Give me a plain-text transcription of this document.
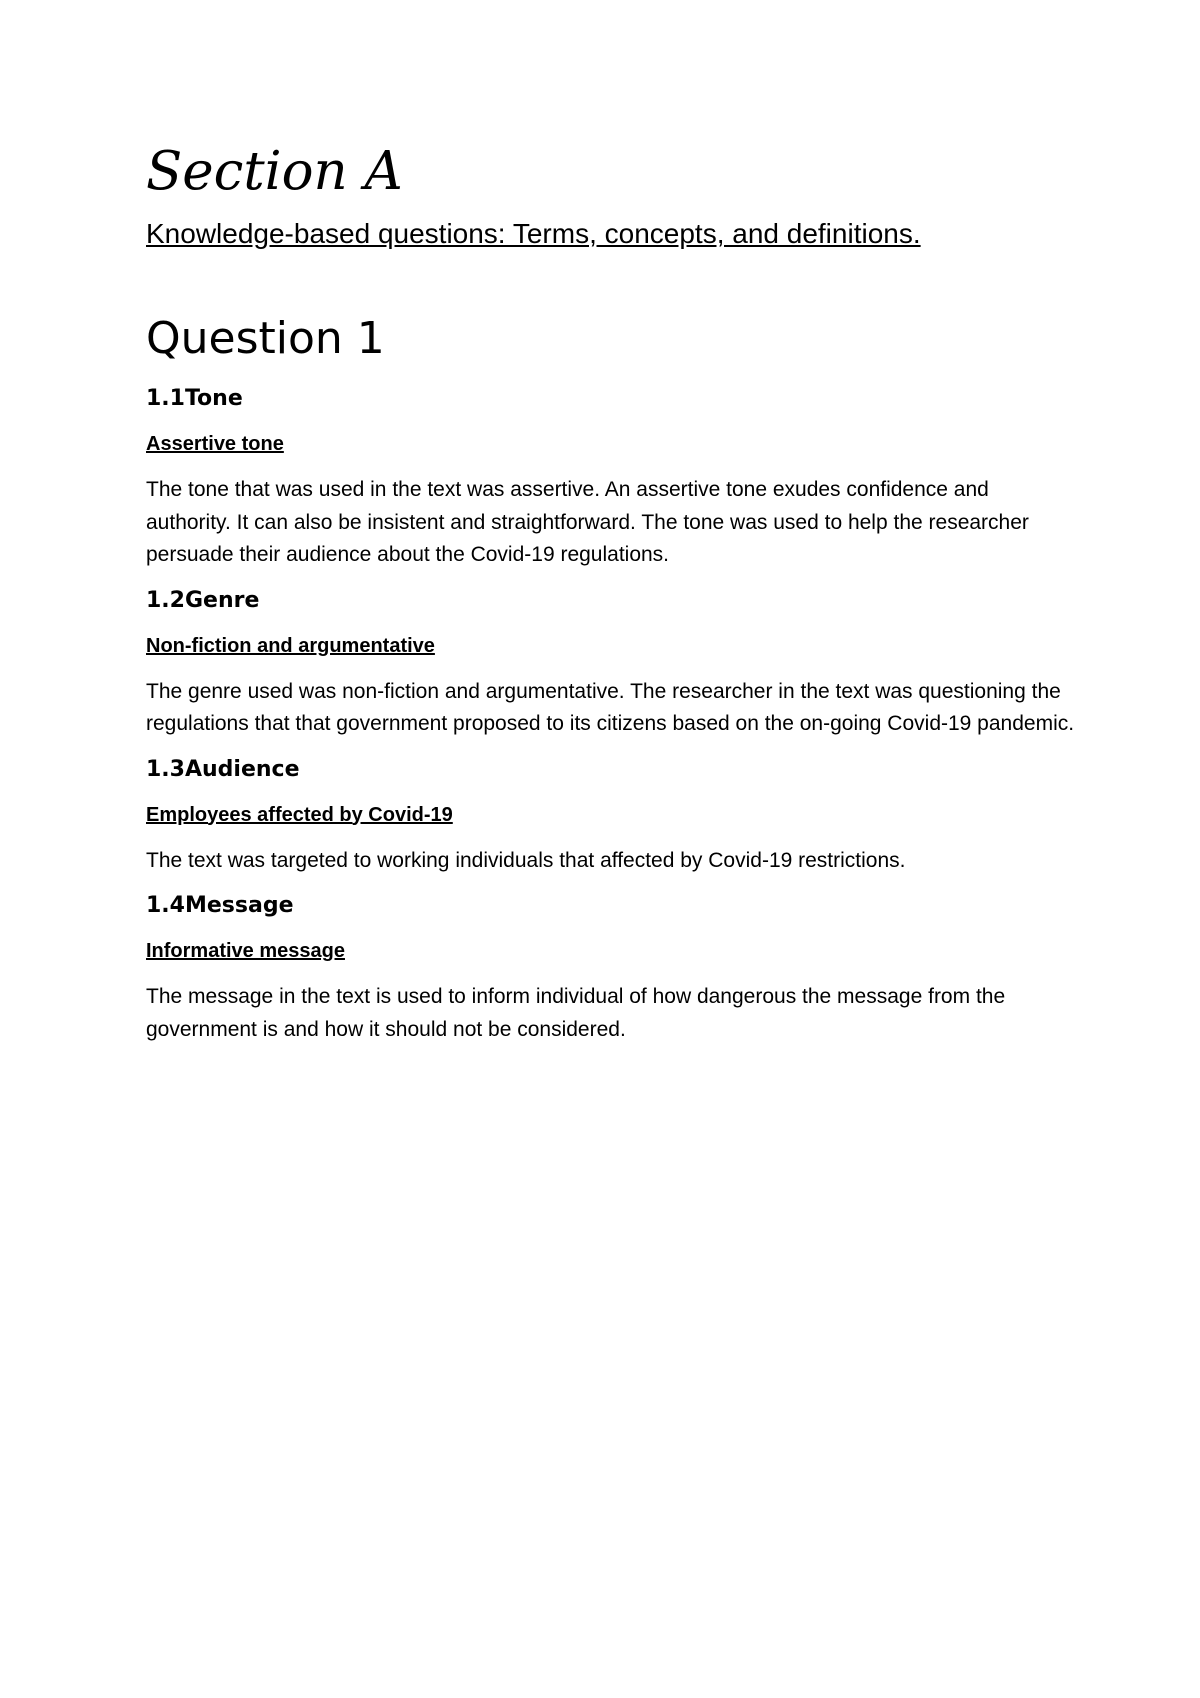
Section A
Knowledge-based questions: Terms, concepts, and definitions.
Question 1
1.1Tone
Assertive tone
The tone that was used in the text was assertive. An assertive tone exudes confidence and authority. It can also be insistent and straightforward. The tone was used to help the researcher persuade their audience about the Covid-19 regulations.
1.2Genre
Non-fiction and argumentative
The genre used was non-fiction and argumentative. The researcher in the text was questioning the regulations that that government proposed to its citizens based on the on-going Covid-19 pandemic.
1.3Audience
Employees affected by Covid-19
The text was targeted to working individuals that affected by Covid-19 restrictions.
1.4Message
Informative message
The message in the text is used to inform individual of how dangerous the message from the government is and how it should not be considered.
